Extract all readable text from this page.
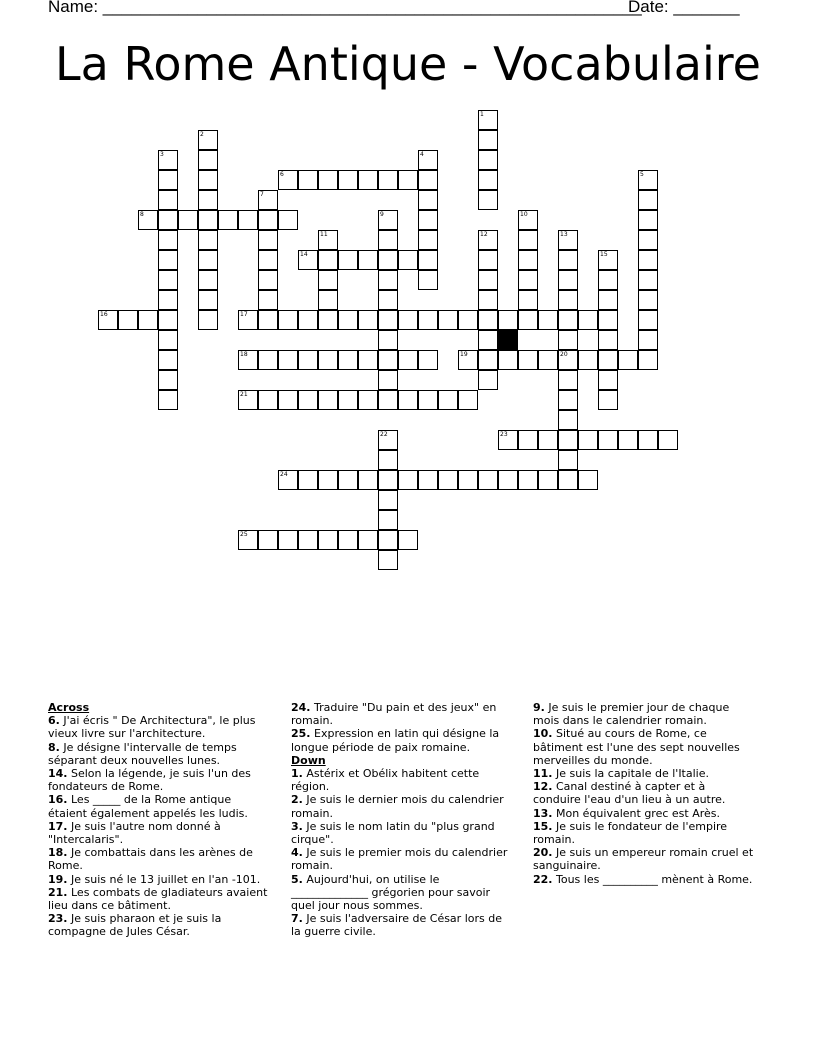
Name: _________________________________________________________
Date: _______
La Rome Antique - Vocabulaire
6
8
14
16	17
18	19	20
21
23
24
25
1
2
3	4
5
7
9	10
11	12	13
15
22

Across

6. J'ai écris " De Architectura", le plus vieux livre sur l'architecture.

8. Je désigne l'intervalle de temps séparant deux nouvelles lunes.

14. Selon la légende, je suis l'un des fondateurs de Rome.

16. Les _____ de la Rome antique étaient également appelés les ludis.

17. Je suis l'autre nom donné à "Intercalaris".

18. Je combattais dans les arènes de Rome.

19. Je suis né le 13 juillet en l'an -101.

21. Les combats de gladiateurs avaient lieu dans ce bâtiment.

23. Je suis pharaon et je suis la compagne de Jules César.

24. Traduire "Du pain et des jeux" en romain.

25. Expression en latin qui désigne la longue période de paix romaine.

Down

1. Astérix et Obélix habitent cette région.

2. Je suis le dernier mois du calendrier romain.

3. Je suis le nom latin du "plus grand cirque".

4. Je suis le premier mois du calendrier romain.

5. Aujourd'hui, on utilise le ______________ grégorien pour savoir quel jour nous sommes.

7. Je suis l'adversaire de César lors de la guerre civile.

9. Je suis le premier jour de chaque mois dans le calendrier romain.

10. Situé au cours de Rome, ce bâtiment est l'une des sept nouvelles merveilles du monde.

11. Je suis la capitale de l'Italie.

12. Canal destiné à capter et à conduire l'eau d'un lieu à un autre.

13. Mon équivalent grec est Arès.

15. Je suis le fondateur de l'empire romain.

20. Je suis un empereur romain cruel et sanguinaire.

22. Tous les __________ mènent à Rome.
